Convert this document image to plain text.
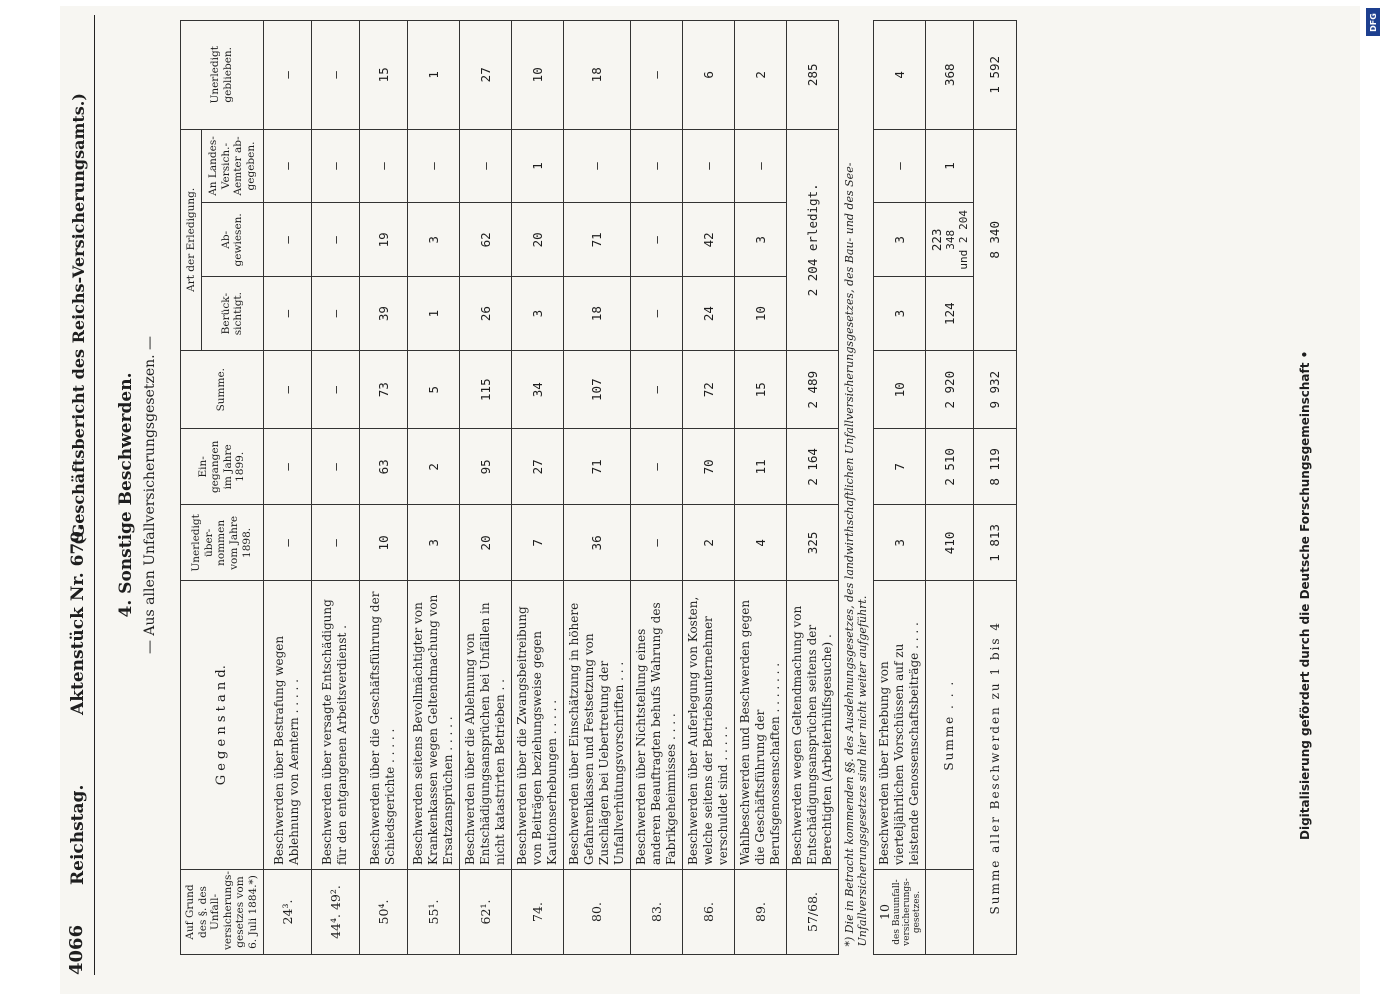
4066
Reichstag.
Aktenstück Nr. 679.
(Geschäftsbericht des Reichs-Versicherungsamts.) 4. Sonstige Beschwerden. — Aus allen Unfallversicherungsgesetzen. —
Auf Grund des §. des Unfall-versicherungs-gesetzes vom 6. Juli 1884.*)	G e g e n s t a n d.	Unerledigt über-nommen vom Jahre 1898.	Ein-gegangen im Jahre 1899.	Summe.	Art der Erledigung.			Unerledigt geblieben.
					Berück-sichtigt.	Ab-gewiesen.	An Landes-Versich.-Aemter ab-gegeben.	
24³.	Beschwerden über Bestrafung wegen Ablehnung von Aemtern . . . . .	—	—	—	—	—	—	—
44⁴. 49².	Beschwerden über versagte Entschädigung für den entgangenen Arbeitsverdienst .	—	—	—	—	—	—	—
50⁴.	Beschwerden über die Geschäftsführung der Schiedsgerichte . . . . .	10	63	73	39	19	—	15
55¹.	Beschwerden seitens Bevollmächtigter von Krankenkassen wegen Geltendmachung von Ersatzansprüchen . . . . .	3	2	5	1	3	—	1
62¹.	Beschwerden über die Ablehnung von Entschädigungsansprüchen bei Unfällen in nicht katastrirten Betrieben . .	20	95	115	26	62	—	27
74.	Beschwerden über die Zwangsbeitreibung von Beiträgen beziehungsweise gegen Kautionserhebungen . . . . .	7	27	34	3	20	1	10
80.	Beschwerden über Einschätzung in höhere Gefahrenklassen und Festsetzung von Zuschlägen bei Uebertretung der Unfallverhütungsvorschriften . . .	36	71	107	18	71	—	18
83.	Beschwerden über Nichtstellung eines anderen Beauftragten behufs Wahrung des Fabrikgeheimnisses . . . .	—	—	—	—	—	—	—
86.	Beschwerden über Auferlegung von Kosten, welche seitens der Betriebsunternehmer verschuldet sind . . . . .	2	70	72	24	42	—	6
89.	Wahlbeschwerden und Beschwerden gegen die Geschäftsführung der Berufsgenossenschaften . . . . . . .	4	11	15	10	3	—	2
57/68.	Beschwerden wegen Geltendmachung von Entschädigungsansprüchen seitens der Berechtigten (Arbeiterhülfsgesuche) .	325	2 164	2 489	2 204 erledigt.			285
*) Die in Betracht kommenden §§. des Ausdehnungsgesetzes, des landwirthschaftlichen Unfallversicherungsgesetzes, des Bau- und des See-Unfallversicherungsgesetzes sind hier nicht weiter aufgeführt.								

10 des Bauunfall-versicherungs-gesetzes.	Beschwerden über Erhebung von vierteljährlichen Vorschüssen auf zu leistende Genossenschaftsbeiträge . . . .	3	7	10	3	3	—	4
	Summe . . .	410	2 510	2 920	124	223 348 und 2 204	1	368
Summe aller Beschwerden zu 1 bis 4		1 813	8 119	9 932	8 340			1 592
Digitalisierung gefördert durch die Deutsche Forschungsgemeinschaft •
DFG
